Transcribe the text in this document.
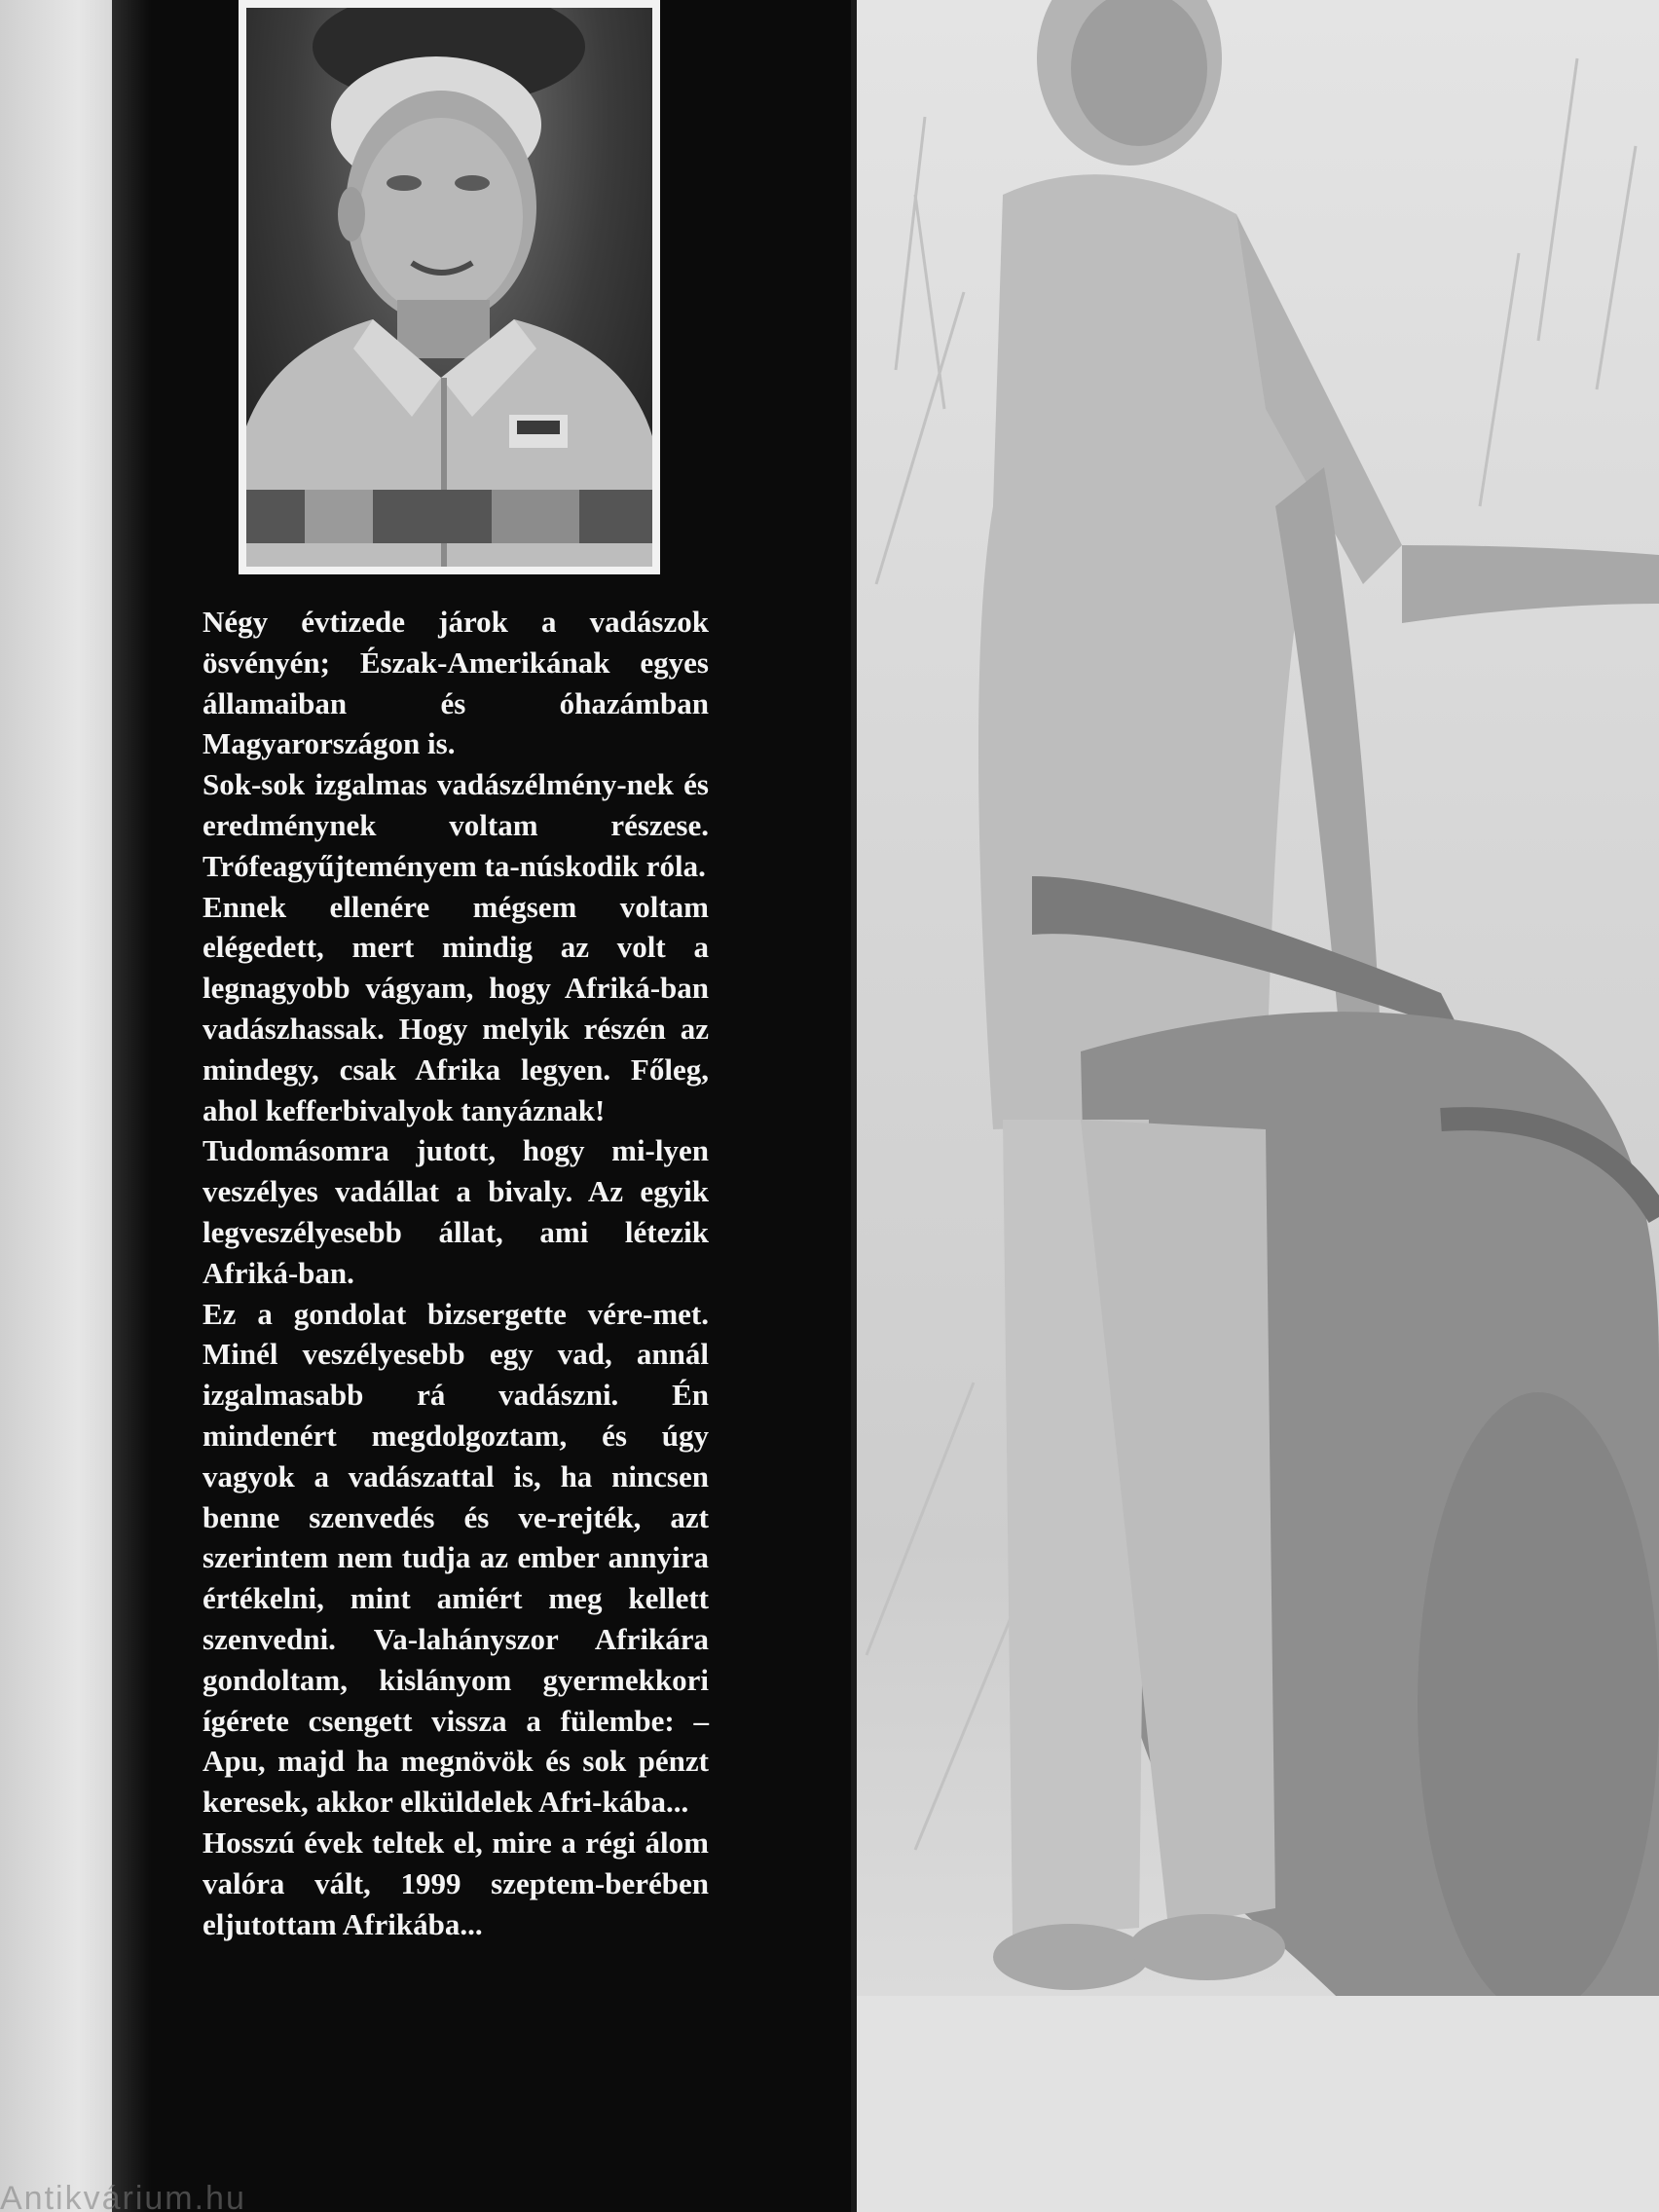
Négy évtizede járok a vadászok ösvényén; Észak-Amerikának egyes államaiban és óhazámban Magyarországon is.

Sok-sok izgalmas vadászélmény-nek és eredménynek voltam részese. Trófeagyűjteményem ta-núskodik róla.

Ennek ellenére mégsem voltam elégedett, mert mindig az volt a legnagyobb vágyam, hogy Afriká-ban vadászhassak. Hogy melyik részén az mindegy, csak Afrika legyen. Főleg, ahol kefferbivalyok tanyáznak!

Tudomásomra jutott, hogy mi-lyen veszélyes vadállat a bivaly. Az egyik legveszélyesebb állat, ami létezik Afriká-ban.

Ez a gondolat bizsergette vére-met. Minél veszélyesebb egy vad, annál izgalmasabb rá vadászni. Én mindenért megdolgoztam, és úgy vagyok a vadászattal is, ha nincsen benne szenvedés és ve-rejték, azt szerintem nem tudja az ember annyira értékelni, mint amiért meg kellett szenvedni. Va-lahányszor Afrikára gondoltam, kislányom gyermekkori ígérete csengett vissza a fülembe: – Apu, majd ha megnövök és sok pénzt keresek, akkor elküldelek Afri-kába...

Hosszú évek teltek el, mire a régi álom valóra vált, 1999 szeptem-berében eljutottam Afrikába...

Antikvárium.hu
